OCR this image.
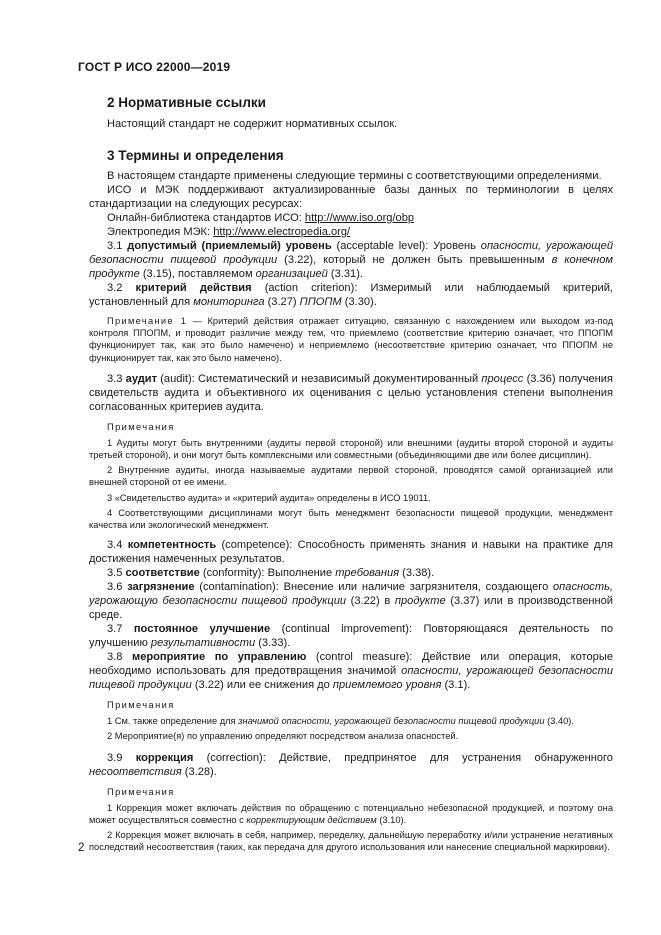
ГОСТ Р ИСО 22000—2019
2 Нормативные ссылки

Настоящий стандарт не содержит нормативных ссылок.

3 Термины и определения

В настоящем стандарте применены следующие термины с соответствующими определениями.

ИСО и МЭК поддерживают актуализированные базы данных по терминологии в целях стандартизации на следующих ресурсах:

Онлайн-библиотека стандартов ИСО: http://www.iso.org/obp

Электропедия МЭК: http://www.electropedia.org/

3.1 допустимый (приемлемый) уровень (acceptable level): Уровень опасности, угрожающей безопасности пищевой продукции (3.22), который не должен быть превышенным в конечном продукте (3.15), поставляемом организацией (3.31).

3.2 критерий действия (action criterion): Измеримый или наблюдаемый критерий, установленный для мониторинга (3.27) ППОПМ (3.30).

Примечание 1 — Критерий действия отражает ситуацию, связанную с нахождением или выходом из-под контроля ППОПМ, и проводит различие между тем, что приемлемо (соответствие критерию означает, что ППОПМ функционирует так, как это было намечено) и неприемлемо (несоответствие критерию означает, что ППОПМ не функционирует так, как это было намечено).

3.3 аудит (audit): Систематический и независимый документированный процесс (3.36) получения свидетельств аудита и объективного их оценивания с целью установления степени выполнения согласованных критериев аудита.

Примечания

1 Аудиты могут быть внутренними (аудиты первой стороной) или внешними (аудиты второй стороной и аудиты третьей стороной), и они могут быть комплексными или совместными (объединяющими две или более дисциплин).

2 Внутренние аудиты, иногда называемые аудитами первой стороной, проводятся самой организацией или внешней стороной от ее имени.

3 «Свидетельство аудита» и «критерий аудита» определены в ИСО 19011.

4 Соответствующими дисциплинами могут быть менеджмент безопасности пищевой продукции, менеджмент качества или экологический менеджмент.

3.4 компетентность (competence): Способность применять знания и навыки на практике для достижения намеченных результатов.

3.5 соответствие (conformity): Выполнение требования (3.38).

3.6 загрязнение (contamination): Внесение или наличие загрязнителя, создающего опасность, угрожающую безопасности пищевой продукции (3.22) в продукте (3.37) или в производственной среде.

3.7 постоянное улучшение (continual improvement): Повторяющаяся деятельность по улучшению результативности (3.33).

3.8 мероприятие по управлению (control measure): Действие или операция, которые необходимо использовать для предотвращения значимой опасности, угрожающей безопасности пищевой продукции (3.22) или ее снижения до приемлемого уровня (3.1).

Примечания

1 См. также определение для значимой опасности, угрожающей безопасности пищевой продукции (3.40).

2 Мероприятие(я) по управлению определяют посредством анализа опасностей.

3.9 коррекция (correction): Действие, предпринятое для устранения обнаруженного несоответствия (3.28).

Примечания

1 Коррекция может включать действия по обращению с потенциально небезопасной продукцией, и поэтому она может осуществляться совместно с корректирующим действием (3.10).

2 Коррекция может включать в себя, например, переделку, дальнейшую переработку и/или устранение негативных последствий несоответствия (таких, как передача для другого использования или нанесение специальной маркировки).

2
